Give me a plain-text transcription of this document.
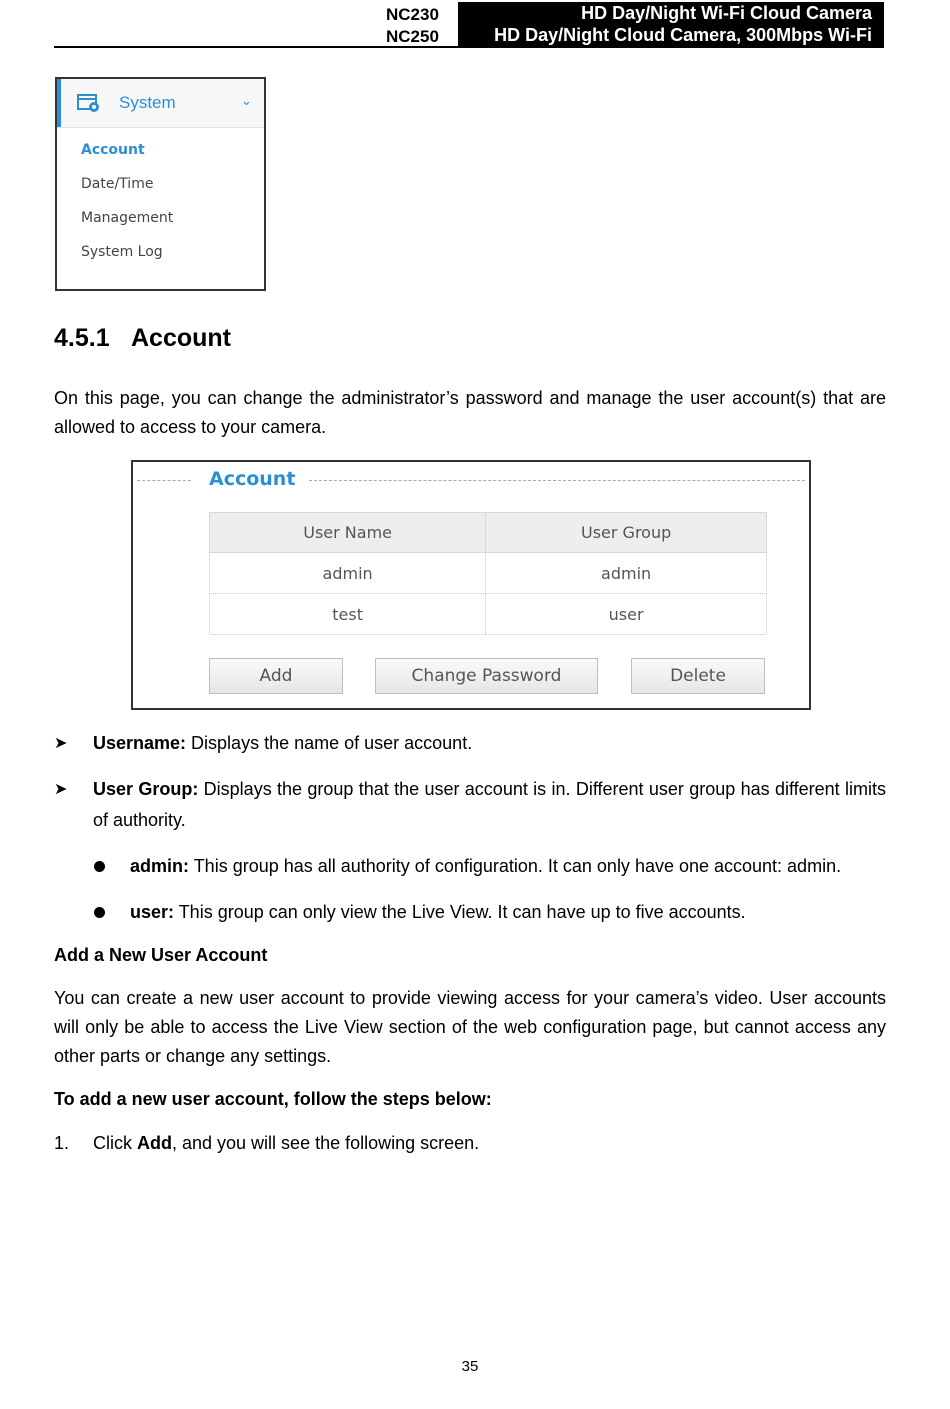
NC230
NC250
HD Day/Night Wi-Fi Cloud Camera
HD Day/Night Cloud Camera, 300Mbps Wi-Fi
System	⌄
Account
Date/Time
Management
System Log
4.5.1 Account
On this page, you can change the administrator’s password and manage the user account(s) that are allowed to access to your camera.
Account
User Name	User Group
admin	admin
test	user
Add	Change Password	Delete
➤ Username: Displays the name of user account.
➤ User Group: Displays the group that the user account is in. Different user group has different limits of authority.
admin: This group has all authority of configuration. It can only have one account: admin.
user: This group can only view the Live View. It can have up to five accounts.
Add a New User Account
You can create a new user account to provide viewing access for your camera’s video. User accounts will only be able to access the Live View section of the web configuration page, but cannot access any other parts or change any settings.
To add a new user account, follow the steps below:
1. Click Add, and you will see the following screen.
35
